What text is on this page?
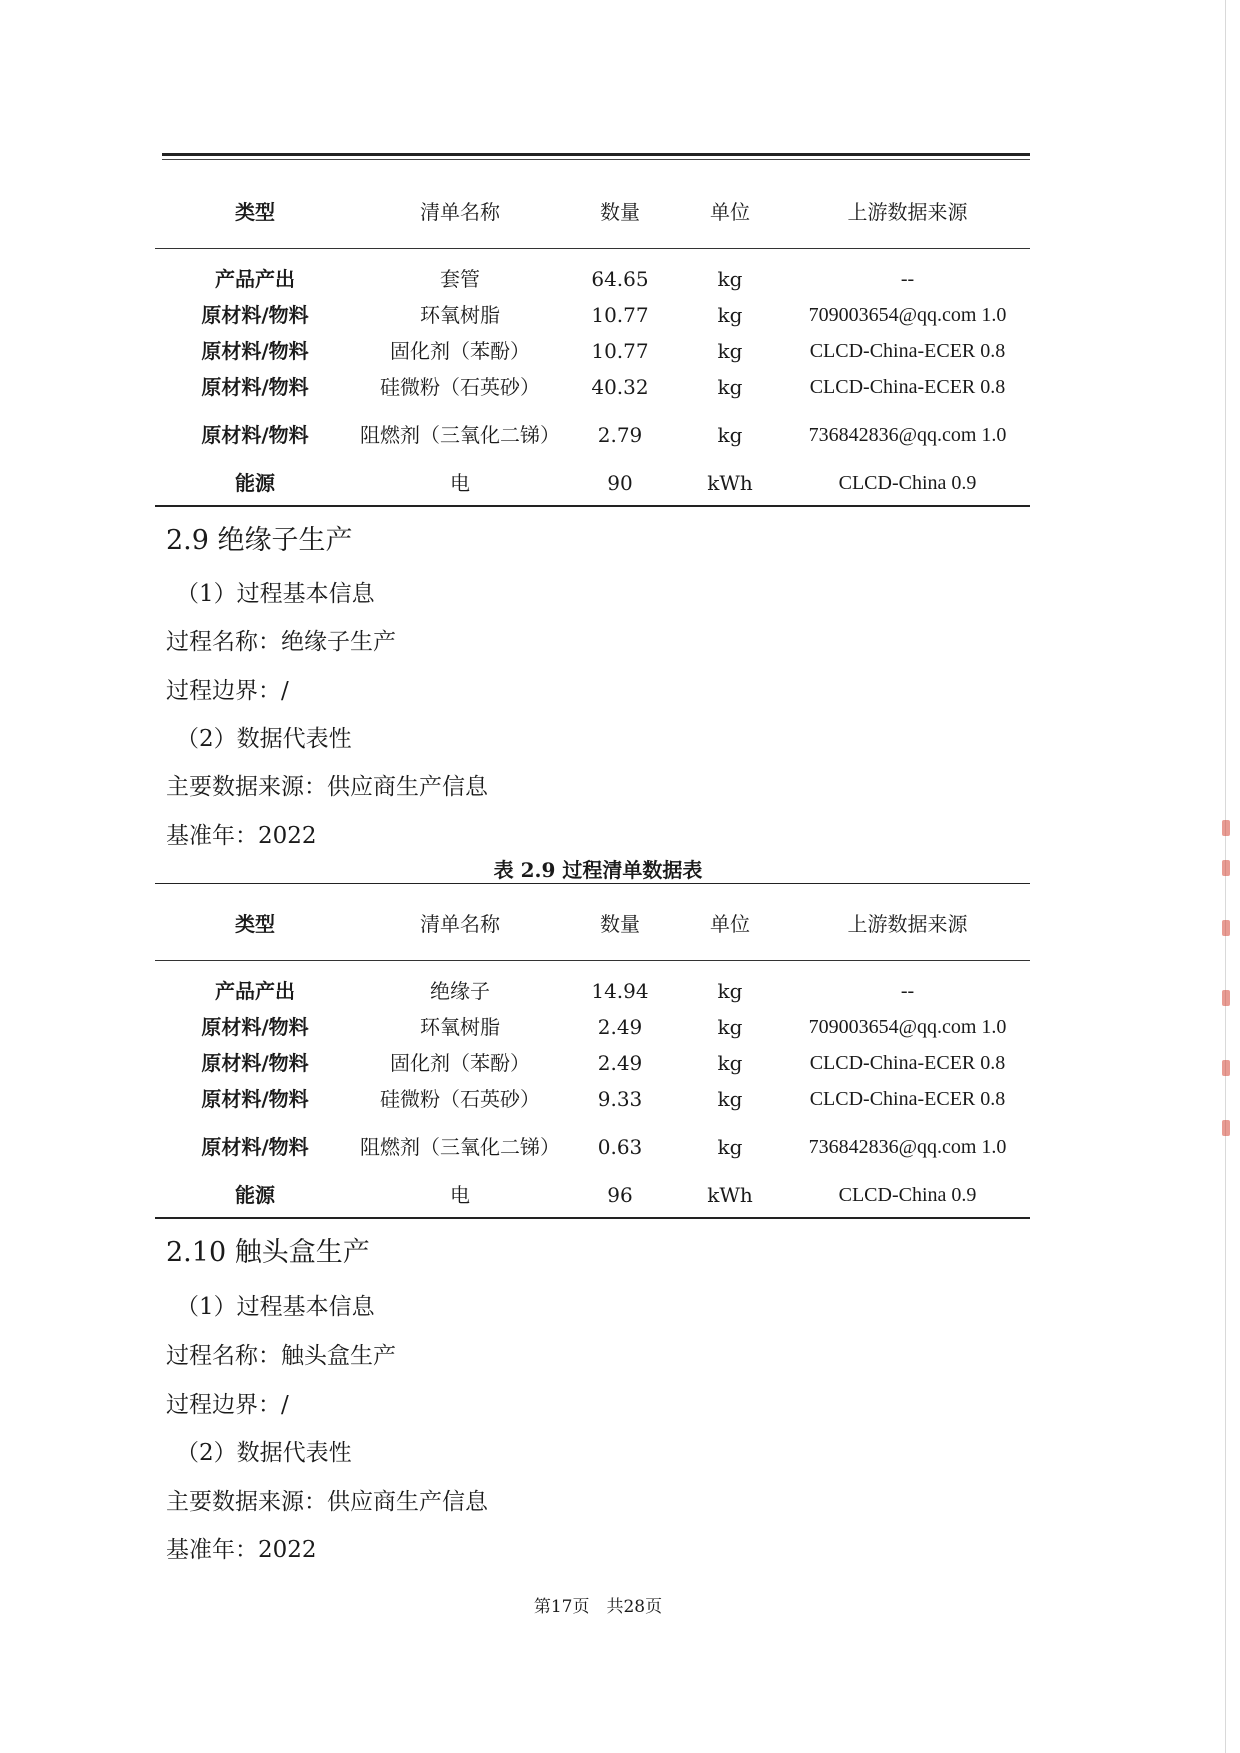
类型	清单名称	数量	单位	上游数据来源
产品产出	套管	64.65	kg	--
原材料/物料	环氧树脂	10.77	kg	709003654@qq.com 1.0
原材料/物料	固化剂（苯酚）	10.77	kg	CLCD-China-ECER 0.8
原材料/物料	硅微粉（石英砂）	40.32	kg	CLCD-China-ECER 0.8
原材料/物料	阻燃剂（三氧化二锑）	2.79	kg	736842836@qq.com 1.0
能源	电	90	kWh	CLCD-China 0.9
2.9 绝缘子生产
（1）过程基本信息
过程名称：绝缘子生产
过程边界：/
（2）数据代表性
主要数据来源：供应商生产信息
基准年：2022
表 2.9 过程清单数据表
类型	清单名称	数量	单位	上游数据来源
产品产出	绝缘子	14.94	kg	--
原材料/物料	环氧树脂	2.49	kg	709003654@qq.com 1.0
原材料/物料	固化剂（苯酚）	2.49	kg	CLCD-China-ECER 0.8
原材料/物料	硅微粉（石英砂）	9.33	kg	CLCD-China-ECER 0.8
原材料/物料	阻燃剂（三氧化二锑）	0.63	kg	736842836@qq.com 1.0
能源	电	96	kWh	CLCD-China 0.9
2.10 触头盒生产
（1）过程基本信息
过程名称：触头盒生产
过程边界：/
（2）数据代表性
主要数据来源：供应商生产信息
基准年：2022
第17页　共28页
